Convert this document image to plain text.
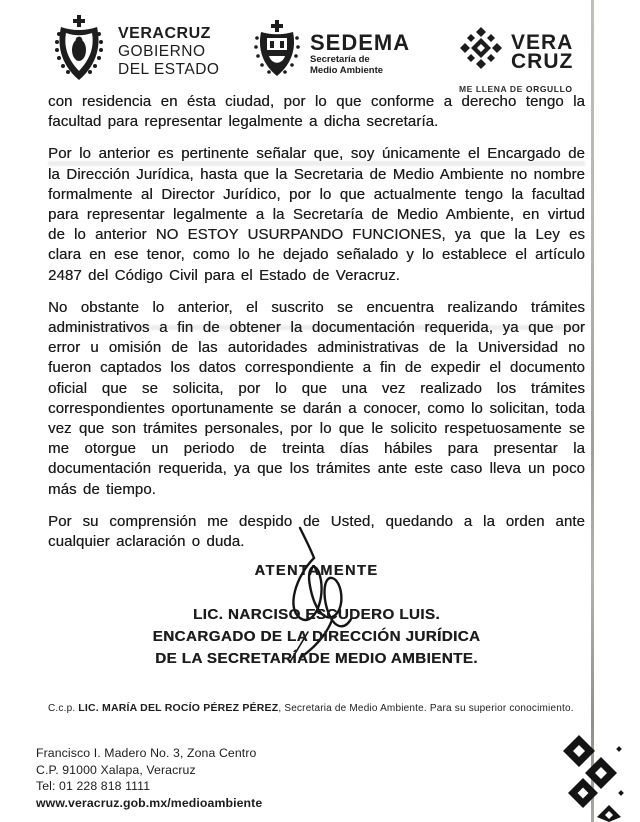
VERACRUZ
GOBIERNO
DEL ESTADO
SEDEMA
Secretaría de
Medio Ambiente
VERA
CRUZ
ME LLENA DE ORGULLO

con residencia en ésta ciudad, por lo que conforme a derecho tengo la facultad para representar legalmente a dicha secretaría.

Por lo anterior es pertinente señalar que, soy únicamente el Encargado de la Dirección Jurídica, hasta que la Secretaria de Medio Ambiente no nombre formalmente al Director Jurídico, por lo que actualmente tengo la facultad para representar legalmente a la Secretaría de Medio Ambiente, en virtud de lo anterior NO ESTOY USURPANDO FUNCIONES, ya que la Ley es clara en ese tenor, como lo he dejado señalado y lo establece el artículo 2487 del Código Civil para el Estado de Veracruz.

No obstante lo anterior, el suscrito se encuentra realizando trámites administrativos a fin de obtener la documentación requerida, ya que por error u omisión de las autoridades administrativas de la Universidad no fueron captados los datos correspondiente a fin de expedir el documento oficial que se solicita, por lo que una vez realizado los trámites correspondientes oportunamente se darán a conocer, como lo solicitan, toda vez que son trámites personales, por lo que le solicito respetuosamente se me otorgue un periodo de treinta días hábiles para presentar la documentación requerida, ya que los trámites ante este caso lleva un poco más de tiempo.

Por su comprensión me despido de Usted, quedando a la orden ante cualquier aclaración o duda.

ATENTAMENTE
LIC. NARCISO ESCUDERO LUIS.
ENCARGADO DE LA DIRECCIÓN JURÍDICA
DE LA SECRETARÍADE MEDIO AMBIENTE.
C.c.p. LIC. MARÍA DEL ROCÍO PÉREZ PÉREZ, Secretaria de Medio Ambiente. Para su superior conocimiento.
Francisco I. Madero No. 3, Zona Centro
C.P. 91000 Xalapa, Veracruz
Tel: 01 228 818 1111
www.veracruz.gob.mx/medioambiente
